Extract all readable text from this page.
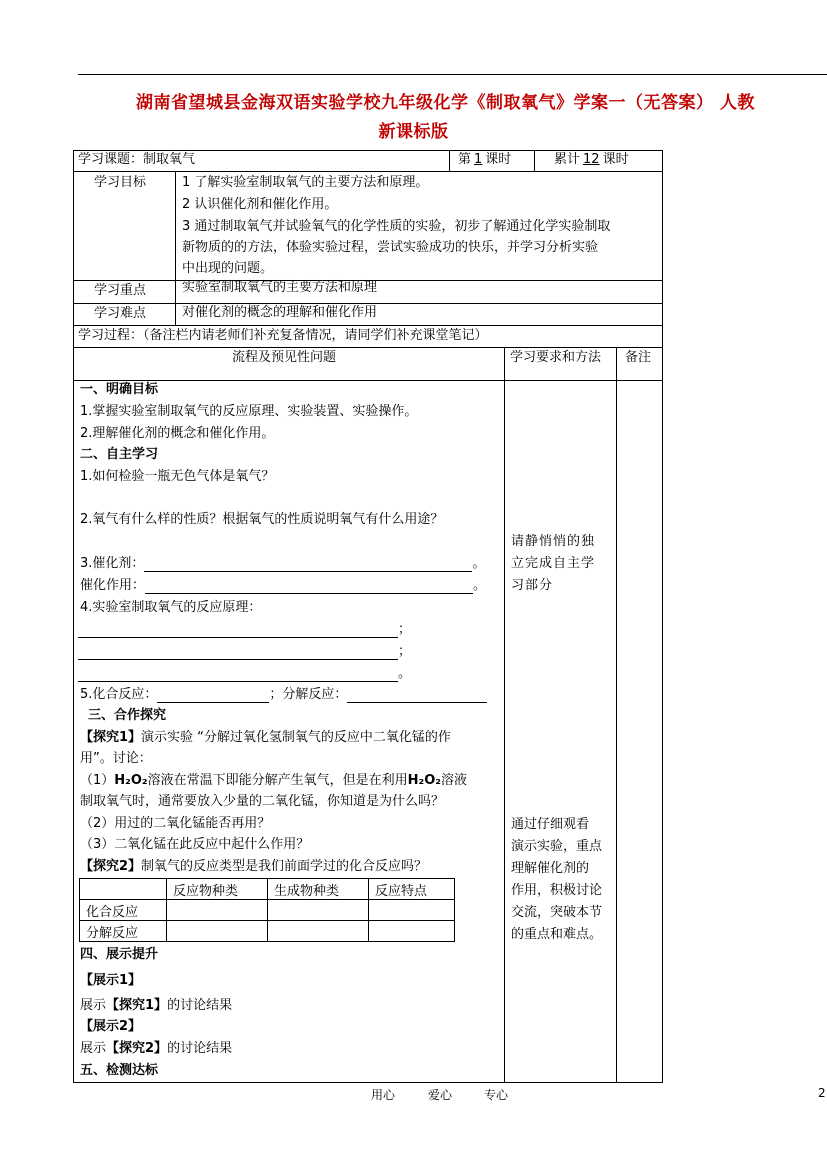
湖南省望城县金海双语实验学校九年级化学《制取氧气》学案一（无答案） 人教
新课标版
学习课题：制取氧气	第 1 课时	累计 12 课时
学习目标	1 了解实验室制取氧气的主要方法和原理。
2 认识催化剂和催化作用。
3 通过制取氧气并试验氧气的化学性质的实验，初步了解通过化学实验制取
新物质的的方法，体验实验过程，尝试实验成功的快乐，并学习分析实验
中出现的问题。
学习重点	实验室制取氧气的主要方法和原理
学习难点	对催化剂的概念的理解和催化作用
学习过程：（备注栏内请老师们补充复备情况，请同学们补充课堂笔记）
流程及预见性问题	学习要求和方法 备注
一、明确目标
1.掌握实验室制取氧气的反应原理、实验装置、实验操作。
2.理解催化剂的概念和催化作用。
二、自主学习
1.如何检验一瓶无色气体是氧气？
2.氧气有什么样的性质？根据氧气的性质说明氧气有什么用途？
3.催化剂：	。
催化作用：	。
4.实验室制取氧气的反应原理：
；
；
。
5.化合反应：	；分解反应：
三、合作探究
【探究1】演示实验 “分解过氧化氢制氧气的反应中二氧化锰的作
用”。讨论：
（1）H₂O₂溶液在常温下即能分解产生氧气，但是在利用H₂O₂溶液
制取氧气时，通常要放入少量的二氧化锰，你知道是为什么吗？
（2）用过的二氧化锰能否再用？
（3）二氧化锰在此反应中起什么作用？
【探究2】制氧气的反应类型是我们前面学过的化合反应吗？
	反应物种类	生成物种类	反应特点
化合反应			
分解反应			
四、展示提升
【展示1】
展示【探究1】的讨论结果
【展示2】
展示【探究2】的讨论结果
五、检测达标
请静悄悄的独
立完成自主学
习部分
通过仔细观看
演示实验，重点
理解催化剂的
作用，积极讨论
交流，突破本节
的重点和难点。
用心	爱心	专心	2
